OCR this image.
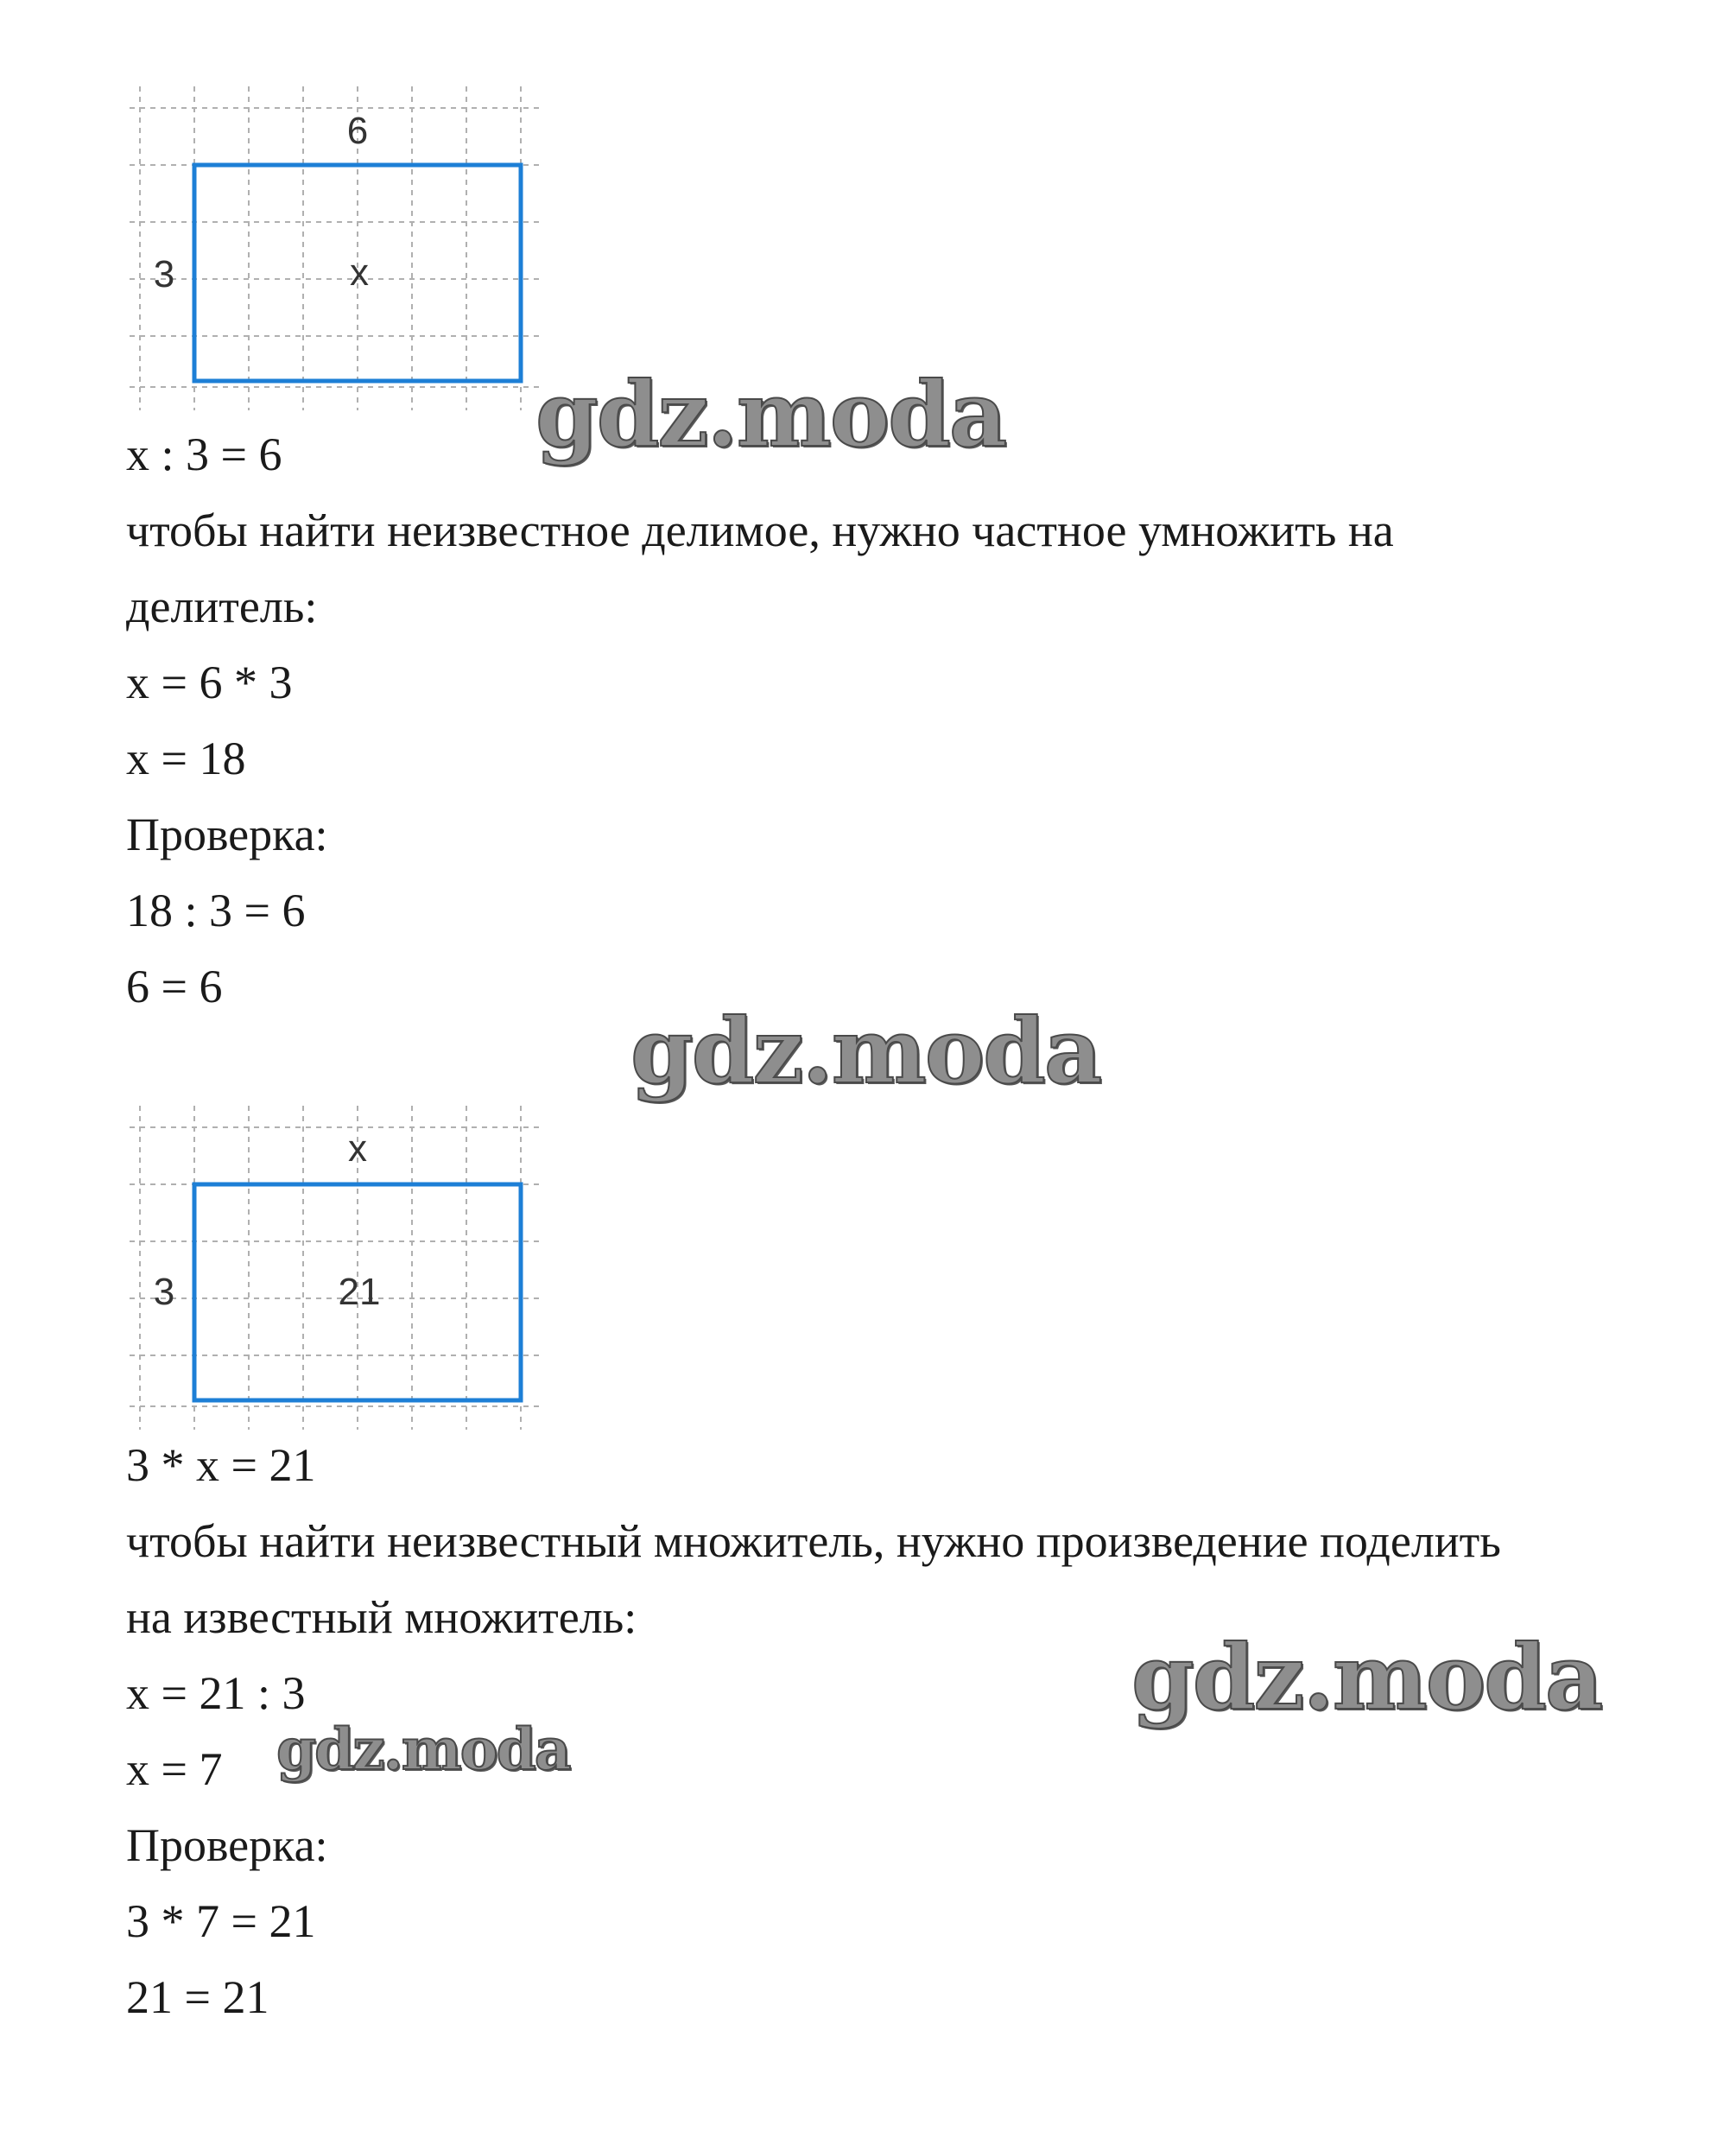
6
3	x
gdz.moda
x : 3 = 6
чтобы найти неизвестное делимое, нужно частное умножить на
делитель:
x = 6 * 3
x = 18
Проверка:
18 : 3 = 6
6 = 6
gdz.moda
x
3	21
3 * x = 21
чтобы найти неизвестный множитель, нужно произведение поделить
на известный множитель:
x = 21 : 3
x = 7
Проверка:
3 * 7 = 21
21 = 21
gdz.moda
gdz.moda
